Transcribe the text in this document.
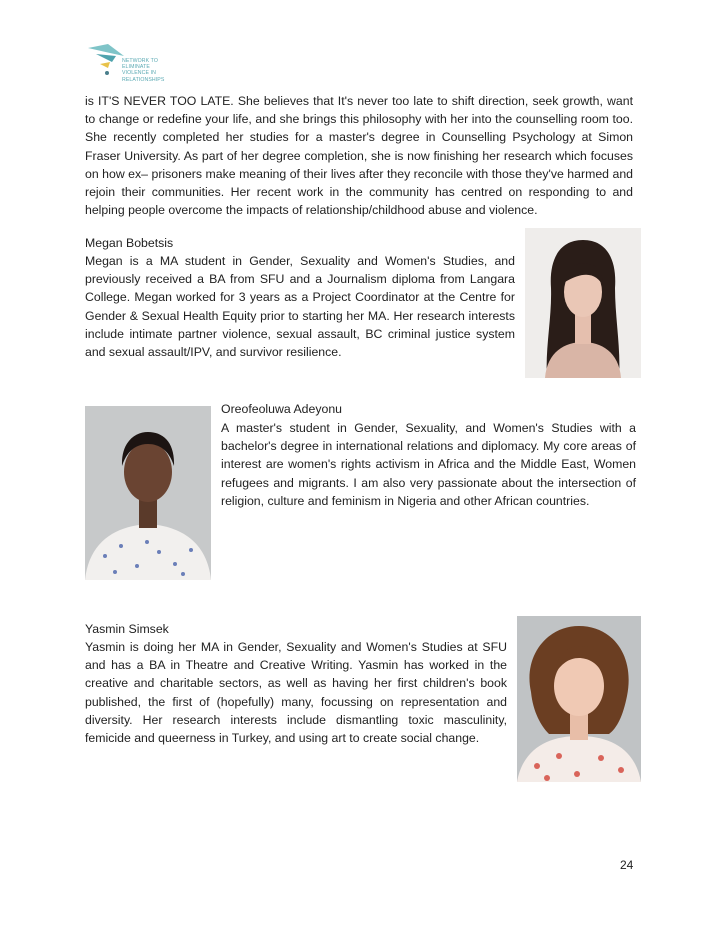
NETWORK TO
ELIMINATE
VIOLENCE IN
RELATIONSHIPS

is IT'S NEVER TOO LATE. She believes that It's never too late to shift direction, seek growth, want to change or redefine your life, and she brings this philosophy with her into the counselling room too. She recently completed her studies for a master's degree in Counselling Psychology at Simon Fraser University. As part of her degree completion, she is now finishing her research which focuses on how ex– prisoners make meaning of their lives after they reconcile with those they've harmed and rejoin their communities. Her recent work in the community has centred on responding to and helping people overcome the impacts of relationship/childhood abuse and violence.

Megan Bobetsis

Megan is a MA student in Gender, Sexuality and Women's Studies, and previously received a BA from SFU and a Journalism diploma from Langara College. Megan worked for 3 years as a Project Coordinator at the Centre for Gender & Sexual Health Equity prior to starting her MA. Her research interests include intimate partner violence, sexual assault, BC criminal justice system and sexual assault/IPV, and survivor resilience.

Oreofeoluwa Adeyonu

A master's student in Gender, Sexuality, and Women's Studies with a bachelor's degree in international relations and diplomacy. My core areas of interest are women's rights activism in Africa and the Middle East, Women refugees and migrants. I am also very passionate about the intersection of religion, culture and feminism in Nigeria and other African countries.

Yasmin Simsek

Yasmin is doing her MA in Gender, Sexuality and Women's Studies at SFU and has a BA in Theatre and Creative Writing. Yasmin has worked in the creative and charitable sectors, as well as having her first children's book published, the first of (hopefully) many, focussing on representation and diversity. Her research interests include dismantling toxic masculinity, femicide and queerness in Turkey, and using art to create social change.

24
